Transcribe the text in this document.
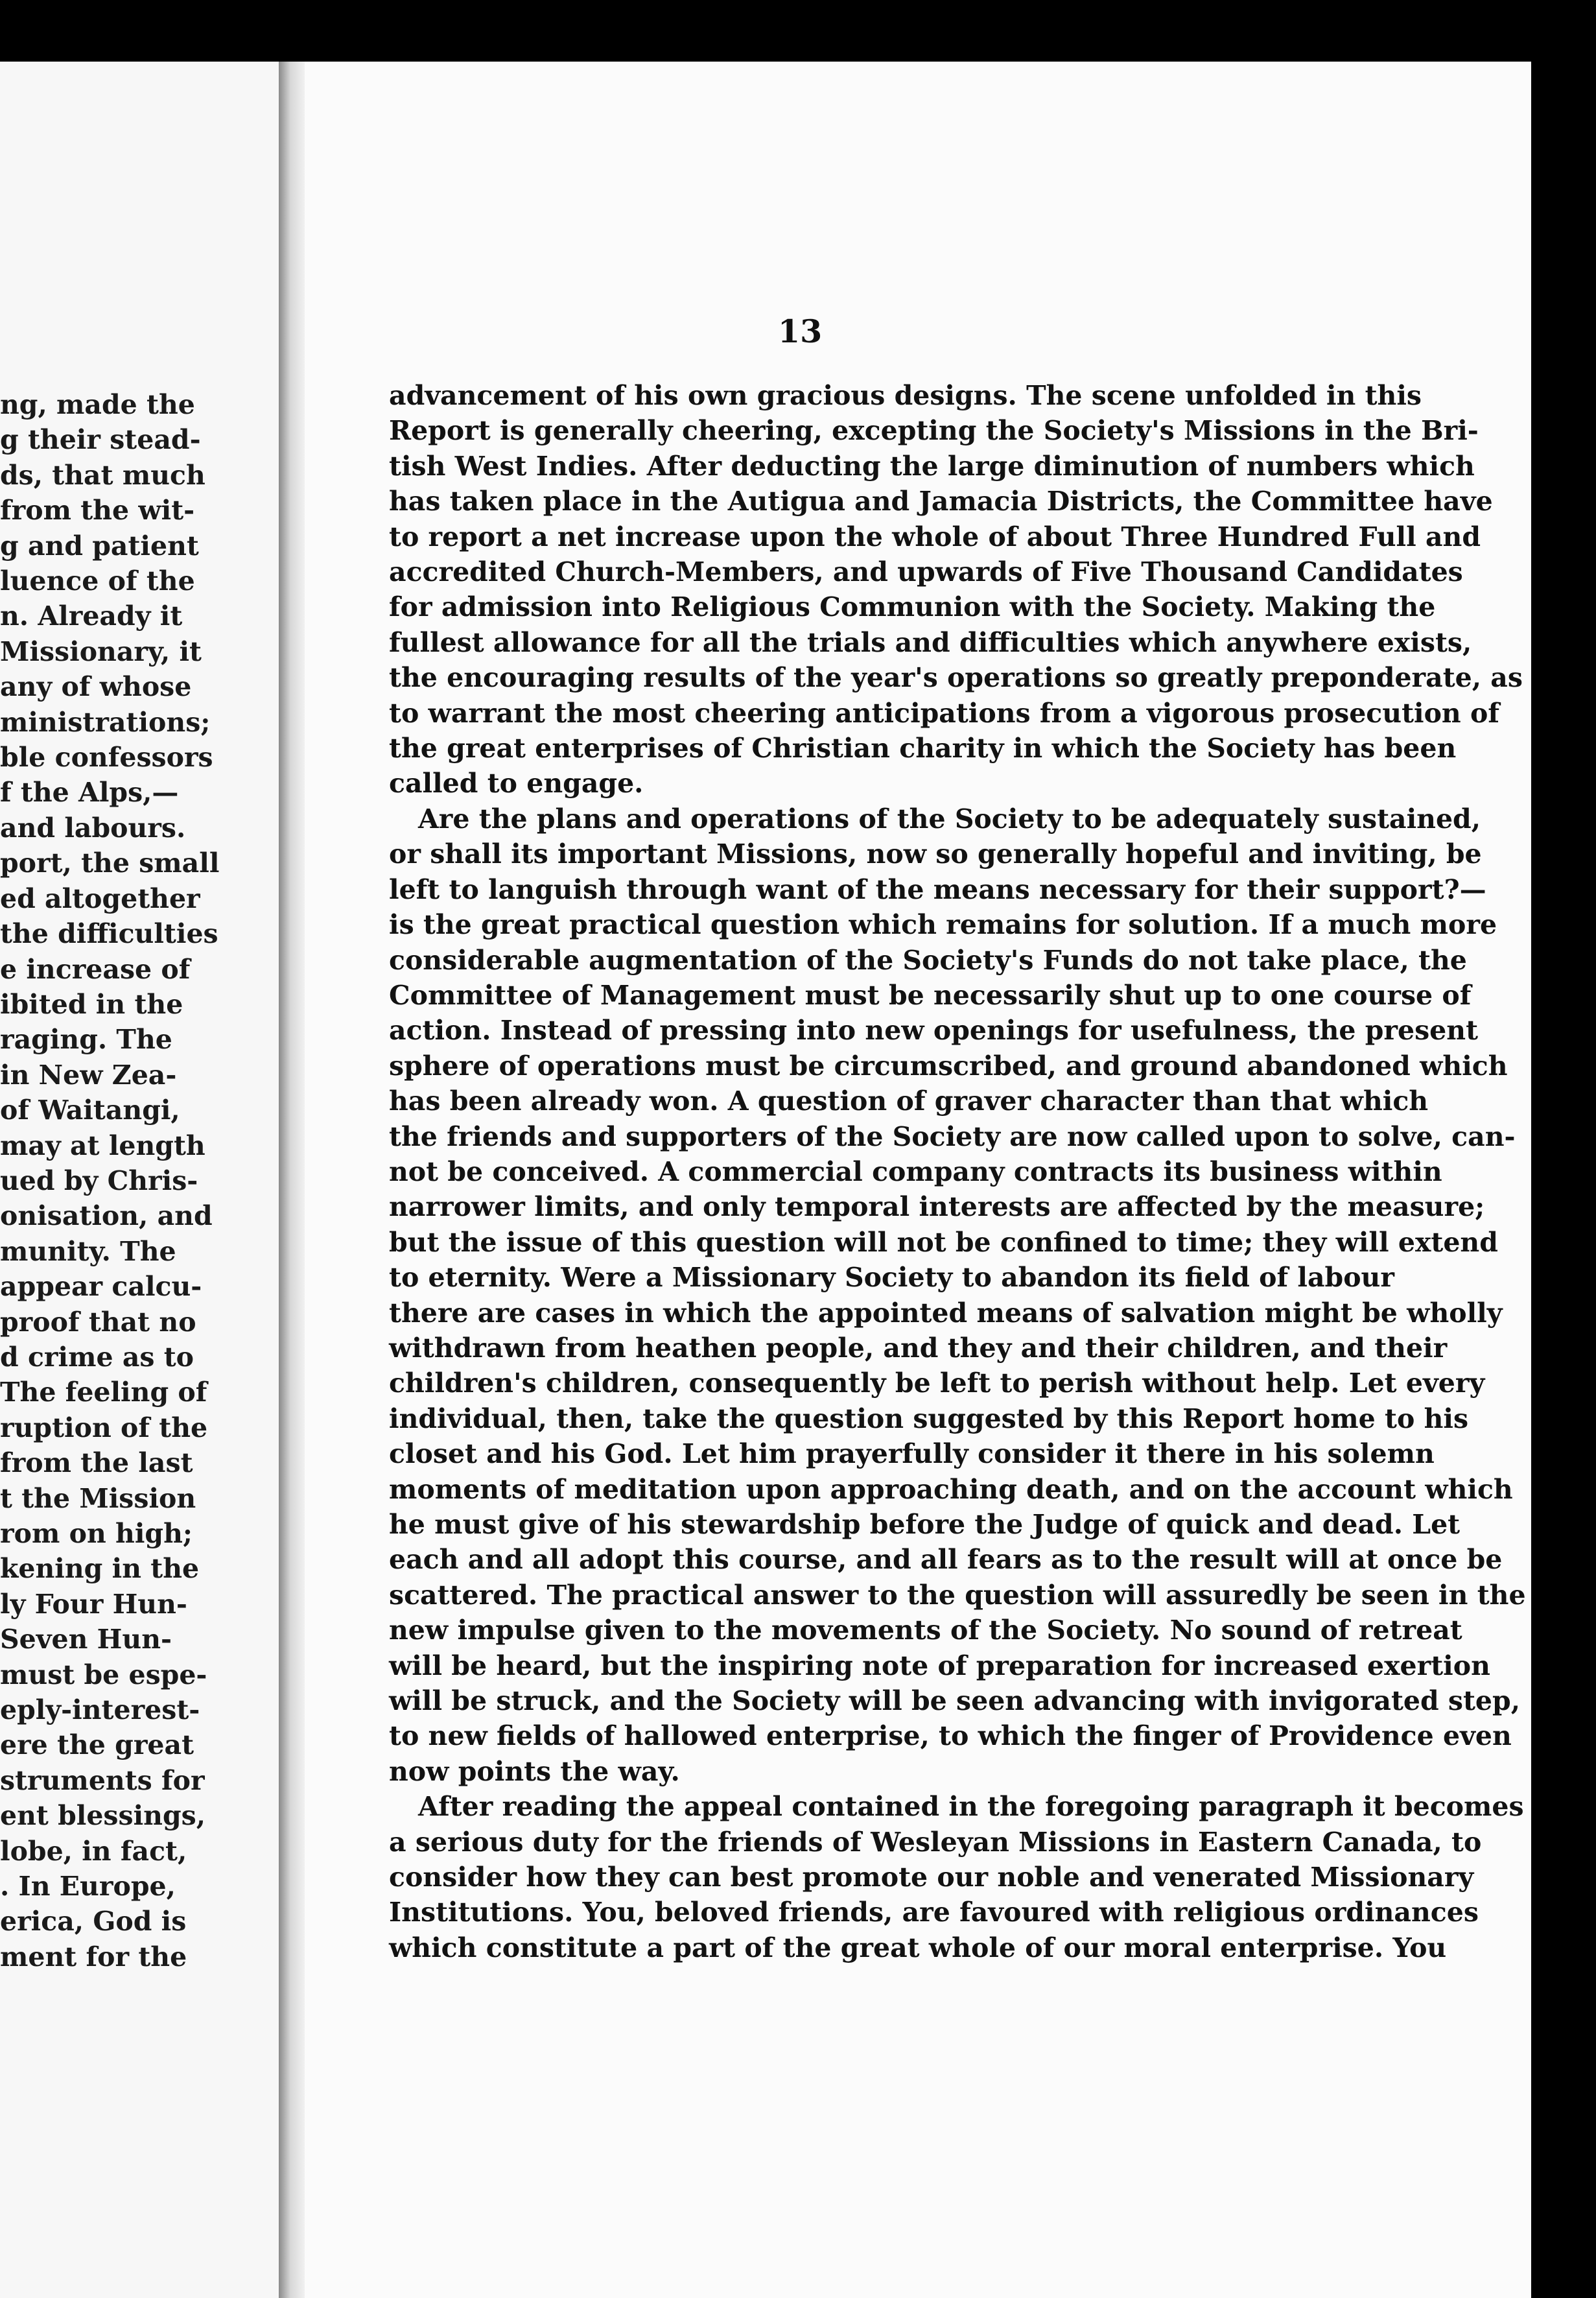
ng, made the
g their stead-
ds, that much
from the wit-
g and patient
luence of the
n. Already it
Missionary, it
any of whose
ministrations;
ble confessors
f the Alps,—
and labours.
port, the small
ed altogether
the difficulties
e increase of
ibited in the
raging. The
in New Zea-
of Waitangi,
may at length
ued by Chris-
onisation, and
munity. The
appear calcu-
proof that no
d crime as to
The feeling of
ruption of the
from the last
t the Mission
rom on high;
kening in the
ly Four Hun-
Seven Hun-
must be espe-
eply-interest-
ere the great
struments for
ent blessings,
lobe, in fact,
. In Europe,
erica, God is
ment for the
13
advancement of his own gracious designs. The scene unfolded in this
Report is generally cheering, excepting the Society's Missions in the Bri-
tish West Indies. After deducting the large diminution of numbers which
has taken place in the Autigua and Jamacia Districts, the Committee have
to report a net increase upon the whole of about Three Hundred Full and
accredited Church-Members, and upwards of Five Thousand Candidates
for admission into Religious Communion with the Society. Making the
fullest allowance for all the trials and difficulties which anywhere exists,
the encouraging results of the year's operations so greatly preponderate, as
to warrant the most cheering anticipations from a vigorous prosecution of
the great enterprises of Christian charity in which the Society has been
called to engage.
Are the plans and operations of the Society to be adequately sustained,
or shall its important Missions, now so generally hopeful and inviting, be
left to languish through want of the means necessary for their support?—
is the great practical question which remains for solution. If a much more
considerable augmentation of the Society's Funds do not take place, the
Committee of Management must be necessarily shut up to one course of
action. Instead of pressing into new openings for usefulness, the present
sphere of operations must be circumscribed, and ground abandoned which
has been already won. A question of graver character than that which
the friends and supporters of the Society are now called upon to solve, can-
not be conceived. A commercial company contracts its business within
narrower limits, and only temporal interests are affected by the measure;
but the issue of this question will not be confined to time; they will extend
to eternity. Were a Missionary Society to abandon its field of labour
there are cases in which the appointed means of salvation might be wholly
withdrawn from heathen people, and they and their children, and their
children's children, consequently be left to perish without help. Let every
individual, then, take the question suggested by this Report home to his
closet and his God. Let him prayerfully consider it there in his solemn
moments of meditation upon approaching death, and on the account which
he must give of his stewardship before the Judge of quick and dead. Let
each and all adopt this course, and all fears as to the result will at once be
scattered. The practical answer to the question will assuredly be seen in the
new impulse given to the movements of the Society. No sound of retreat
will be heard, but the inspiring note of preparation for increased exertion
will be struck, and the Society will be seen advancing with invigorated step,
to new fields of hallowed enterprise, to which the finger of Providence even
now points the way.
After reading the appeal contained in the foregoing paragraph it becomes
a serious duty for the friends of Wesleyan Missions in Eastern Canada, to
consider how they can best promote our noble and venerated Missionary
Institutions. You, beloved friends, are favoured with religious ordinances
which constitute a part of the great whole of our moral enterprise. You
